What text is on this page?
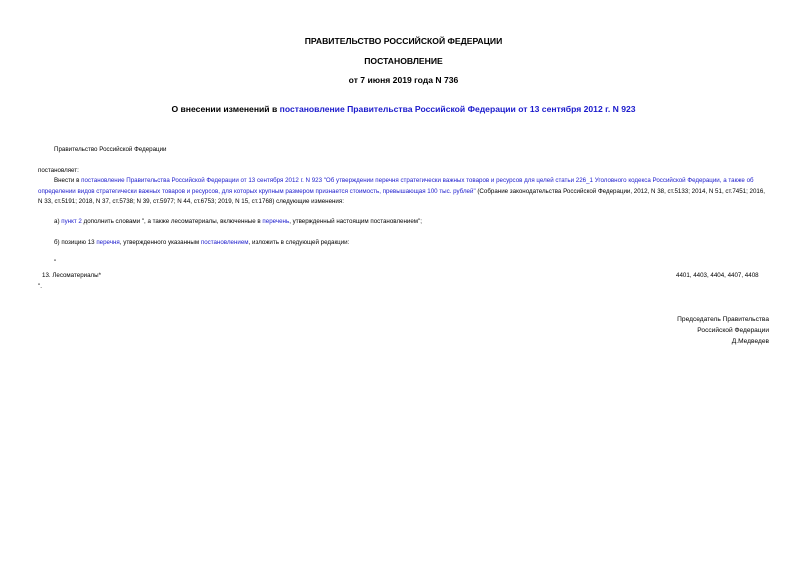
ПРАВИТЕЛЬСТВО РОССИЙСКОЙ ФЕДЕРАЦИИ
ПОСТАНОВЛЕНИЕ
от 7 июня 2019 года N 736
О внесении изменений в постановление Правительства Российской Федерации от 13 сентября 2012 г. N 923
Правительство Российской Федерации
постановляет:
Внести в постановление Правительства Российской Федерации от 13 сентября 2012 г. N 923 "Об утверждении перечня стратегически важных товаров и ресурсов для целей статьи 226_1 Уголовного кодекса Российской Федерации, а также об определении видов стратегически важных товаров и ресурсов, для которых крупным размером признается стоимость, превышающая 100 тыс. рублей" (Собрание законодательства Российской Федерации, 2012, N 38, ст.5133; 2014, N 51, ст.7451; 2016, N 33, ст.5191; 2018, N 37, ст.5738; N 39, ст.5977; N 44, ст.6753; 2019, N 15, ст.1768) следующие изменения:
а) пункт 2 дополнить словами ", а также лесоматериалы, включенные в перечень, утвержденный настоящим постановлением";
б) позицию 13 перечня, утвержденного указанным постановлением, изложить в следующей редакции:
"
13. Лесоматериалы*	4401, 4403, 4404, 4407, 4408
".
Председатель Правительства
Российской Федерации
Д.Медведев
